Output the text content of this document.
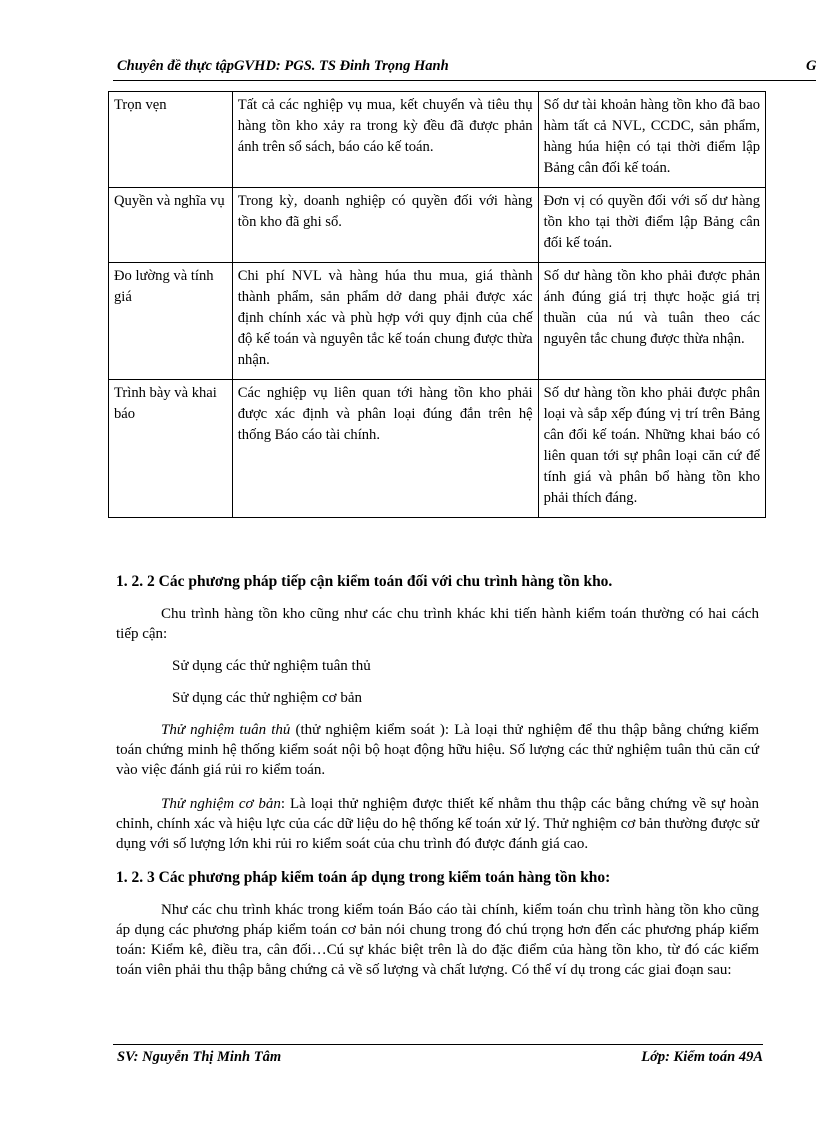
Chuyên đề thực tậpGVHD: PGS. TS Đinh Trọng Hanh	G
Trọn vẹn	Tất cả các nghiệp vụ mua, kết chuyển và tiêu thụ hàng tồn kho xảy ra trong kỳ đều đã được phản ánh trên sổ sách, báo cáo kế toán.	Số dư tài khoản hàng tồn kho đã bao hàm tất cả NVL, CCDC, sản phẩm, hàng húa hiện có tại thời điểm lập Bảng cân đối kế toán.
Quyền và nghĩa vụ	Trong kỳ, doanh nghiệp có quyền đối với hàng tồn kho đã ghi sổ.	Đơn vị có quyền đối với số dư hàng tồn kho tại thời điểm lập Bảng cân đối kế toán.
Đo lường và tính giá	Chi phí NVL và hàng húa thu mua, giá thành thành phẩm, sản phẩm dở dang phải được xác định chính xác và phù hợp với quy định của chế độ kế toán và nguyên tắc kế toán chung được thừa nhận.	Số dư hàng tồn kho phải được phản ánh đúng giá trị thực hoặc giá trị thuần của nú và tuân theo các nguyên tắc chung được thừa nhận.
Trình bày và khai báo	Các nghiệp vụ liên quan tới hàng tồn kho phải được xác định và phân loại đúng đắn trên hệ thống Báo cáo tài chính.	Số dư hàng tồn kho phải được phân loại và sắp xếp đúng vị trí trên Bảng cân đối kế toán. Những khai báo có liên quan tới sự phân loại căn cứ để tính giá và phân bổ hàng tồn kho phải thích đáng.

1. 2. 2 Các phương pháp tiếp cận kiểm toán đối với chu trình hàng tồn kho.

Chu trình hàng tồn kho cũng như các chu trình khác khi tiến hành kiểm toán thường có hai cách tiếp cận:

Sử dụng các thử nghiệm tuân thủ

Sử dụng các thử nghiệm cơ bản

Thử nghiệm tuân thủ (thử nghiệm kiểm soát ): Là loại thử nghiệm để thu thập bằng chứng kiểm toán chứng minh hệ thống kiểm soát nội bộ hoạt động hữu hiệu. Số lượng các thử nghiệm tuân thủ căn cứ vào việc đánh giá rủi ro kiểm toán.

Thử nghiệm cơ bản: Là loại thử nghiệm được thiết kế nhằm thu thập các bằng chứng về sự hoàn chỉnh, chính xác và hiệu lực của các dữ liệu do hệ thống kế toán xử lý. Thử nghiệm cơ bản thường được sử dụng với số lượng lớn khi rủi ro kiểm soát của chu trình đó được đánh giá cao.

1. 2. 3 Các phương pháp kiểm toán áp dụng trong kiểm toán hàng tồn kho:

Như các chu trình khác trong kiểm toán Báo cáo tài chính, kiểm toán chu trình hàng tồn kho cũng áp dụng các phương pháp kiểm toán cơ bản nói chung trong đó chú trọng hơn đến các phương pháp kiểm toán: Kiểm kê, điều tra, cân đối…Cú sự khác biệt trên là do đặc điểm của hàng tồn kho, từ đó các kiểm toán viên phải thu thập bằng chứng cả về số lượng và chất lượng. Có thể ví dụ trong các giai đoạn sau:

SV: Nguyễn Thị Minh Tâm	Lớp: Kiểm toán 49A
